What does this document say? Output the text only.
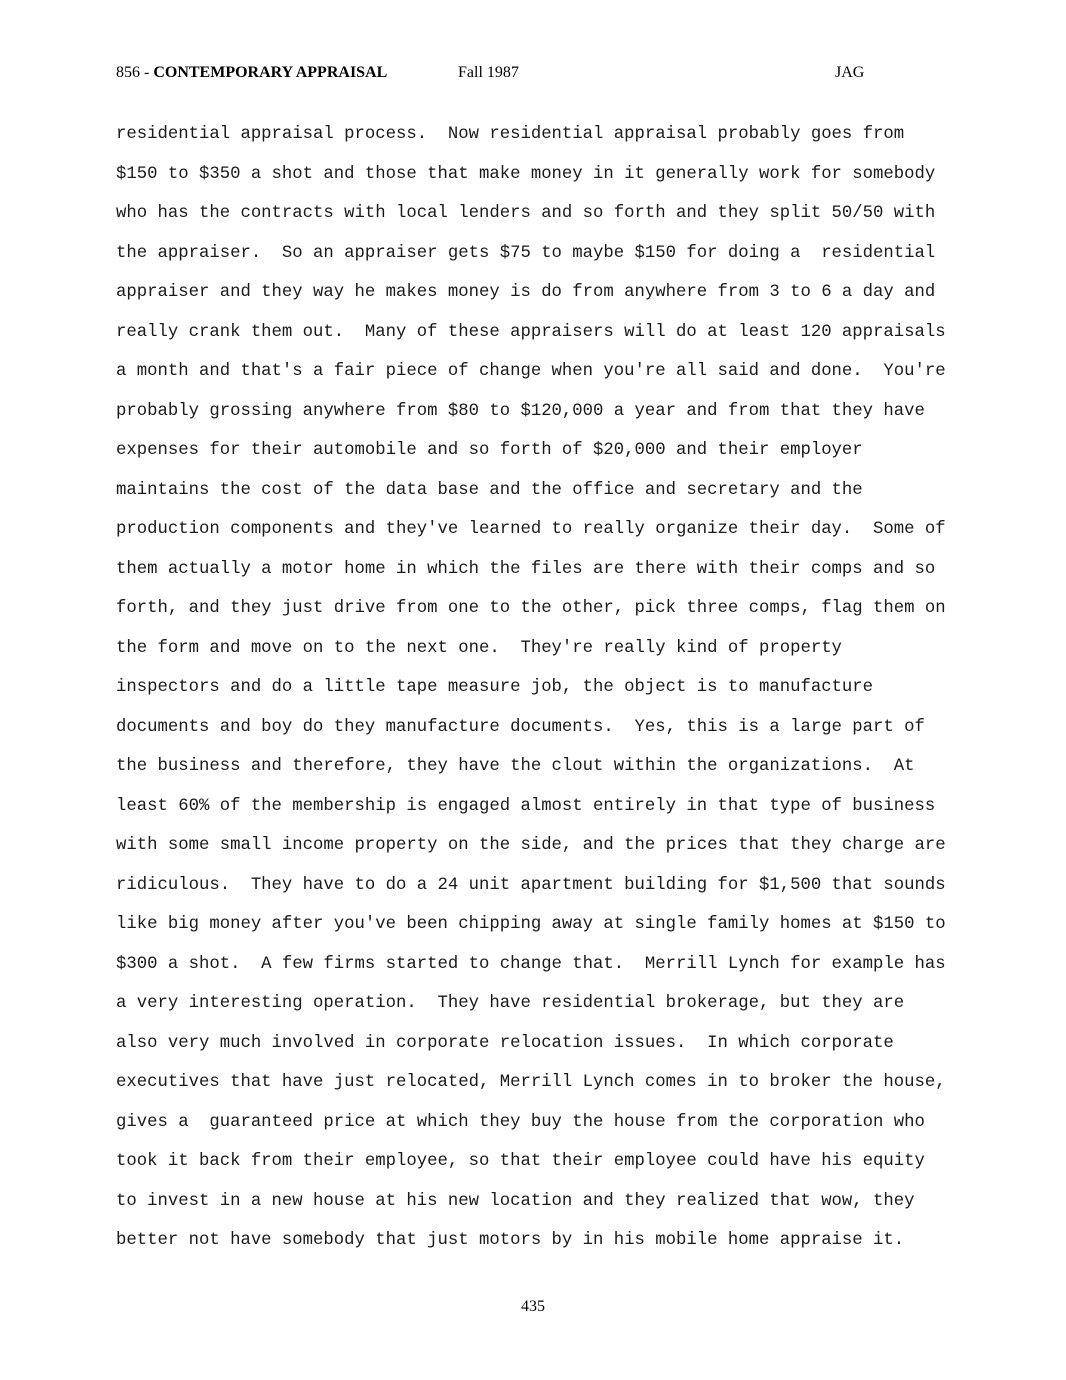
856 - CONTEMPORARY APPRAISAL	Fall 1987	JAG
residential appraisal process.  Now residential appraisal probably goes from
$150 to $350 a shot and those that make money in it generally work for somebody
who has the contracts with local lenders and so forth and they split 50/50 with
the appraiser.  So an appraiser gets $75 to maybe $150 for doing a  residential
appraiser and they way he makes money is do from anywhere from 3 to 6 a day and
really crank them out.  Many of these appraisers will do at least 120 appraisals
a month and that's a fair piece of change when you're all said and done.  You're
probably grossing anywhere from $80 to $120,000 a year and from that they have
expenses for their automobile and so forth of $20,000 and their employer
maintains the cost of the data base and the office and secretary and the
production components and they've learned to really organize their day.  Some of
them actually a motor home in which the files are there with their comps and so
forth, and they just drive from one to the other, pick three comps, flag them on
the form and move on to the next one.  They're really kind of property
inspectors and do a little tape measure job, the object is to manufacture
documents and boy do they manufacture documents.  Yes, this is a large part of
the business and therefore, they have the clout within the organizations.  At
least 60% of the membership is engaged almost entirely in that type of business
with some small income property on the side, and the prices that they charge are
ridiculous.  They have to do a 24 unit apartment building for $1,500 that sounds
like big money after you've been chipping away at single family homes at $150 to
$300 a shot.  A few firms started to change that.  Merrill Lynch for example has
a very interesting operation.  They have residential brokerage, but they are
also very much involved in corporate relocation issues.  In which corporate
executives that have just relocated, Merrill Lynch comes in to broker the house,
gives a  guaranteed price at which they buy the house from the corporation who
took it back from their employee, so that their employee could have his equity
to invest in a new house at his new location and they realized that wow, they
better not have somebody that just motors by in his mobile home appraise it.
435
